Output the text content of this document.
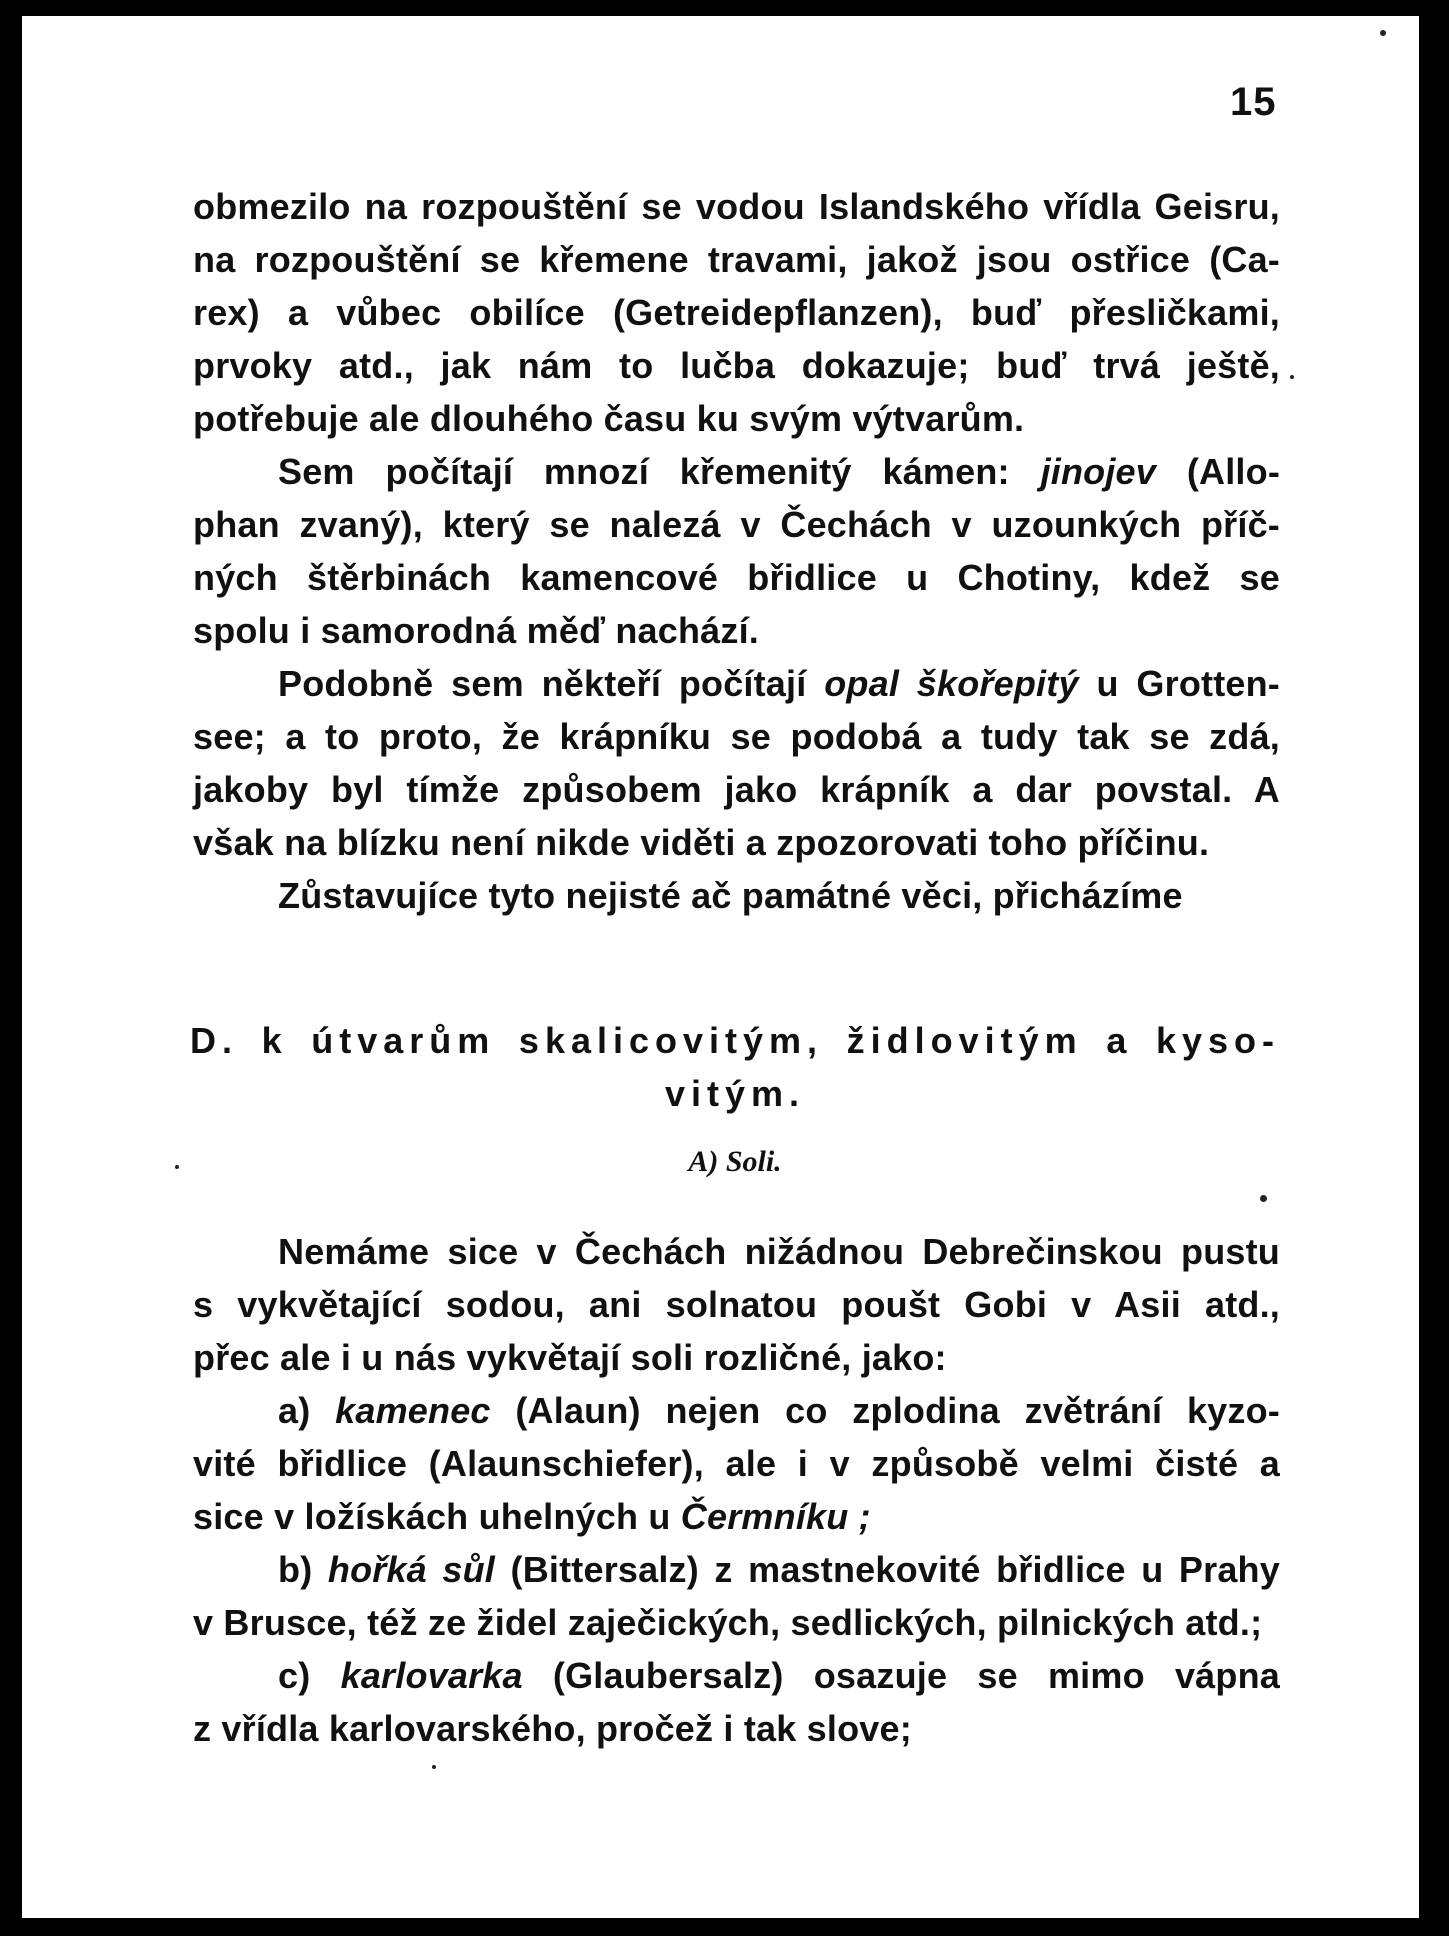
15
obmezilo na rozpouštění se vodou Islandského vřídla Geisru,
na rozpouštění se křemene travami, jakož jsou ostřice (Ca-
rex) a vůbec obilíce (Getreidepflanzen), buď přesličkami,
prvoky atd., jak nám to lučba dokazuje; buď trvá ještě,
potřebuje ale dlouhého času ku svým výtvarům.
Sem počítají mnozí křemenitý kámen: jinojev (Allo-
phan zvaný), který se nalezá v Čechách v uzounkých příč-
ných štěrbinách kamencové břidlice u Chotiny, kdež se
spolu i samorodná měď nachází.
Podobně sem někteří počítají opal škořepitý u Grotten-
see; a to proto, že krápníku se podobá a tudy tak se zdá,
jakoby byl tímže způsobem jako krápník a dar povstal. A
však na blízku není nikde viděti a zpozorovati toho příčinu.
Zůstavujíce tyto nejisté ač památné věci, přicházíme
D. k útvarům skalicovitým, židlovitým a kyso-
vitým.
A) Soli.
Nemáme sice v Čechách nižádnou Debrečinskou pustu
s vykvětající sodou, ani solnatou poušt Gobi v Asii atd.,
přec ale i u nás vykvětají soli rozličné, jako:
a) kamenec (Alaun) nejen co zplodina zvětrání kyzo-
vité břidlice (Alaunschiefer), ale i v způsobě velmi čisté a
sice v ložískách uhelných u Čermníku ;
b) hořká sůl (Bittersalz) z mastnekovité břidlice u Prahy
v Brusce, též ze židel zaječických, sedlických, pilnických atd.;
c) karlovarka (Glaubersalz) osazuje se mimo vápna
z vřídla karlovarského, pročež i tak slove;
